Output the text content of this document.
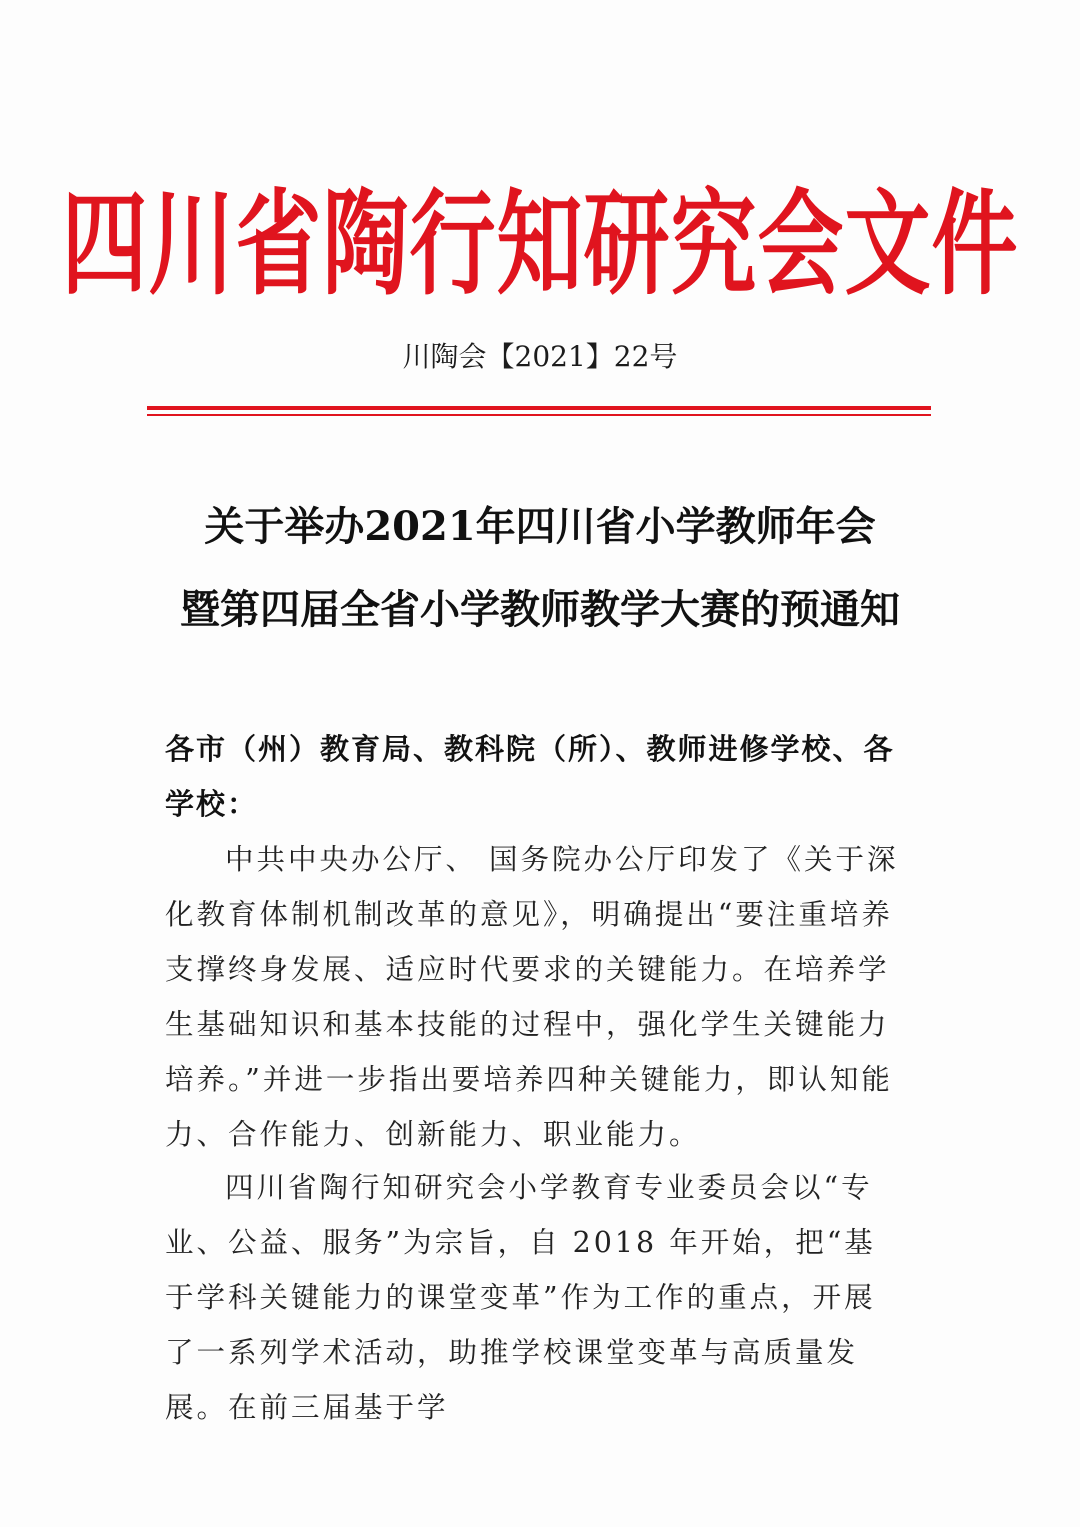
四川省陶行知研究会文件
川陶会【2021】22号
关于举办2021年四川省小学教师年会
暨第四届全省小学教师教学大赛的预通知

各市（州）教育局、教科院（所）、教师进修学校、各学校：

中共中央办公厅、 国务院办公厅印发了《关于深化教育体制机制改革的意见》，明确提出“要注重培养支撑终身发展、适应时代要求的关键能力。在培养学生基础知识和基本技能的过程中，强化学生关键能力培养。”并进一步指出要培养四种关键能力，即认知能力、合作能力、创新能力、职业能力。

四川省陶行知研究会小学教育专业委员会以“专业、公益、服务”为宗旨，自 2018 年开始，把“基于学科关键能力的课堂变革”作为工作的重点，开展了一系列学术活动，助推学校课堂变革与高质量发展。在前三届基于学
